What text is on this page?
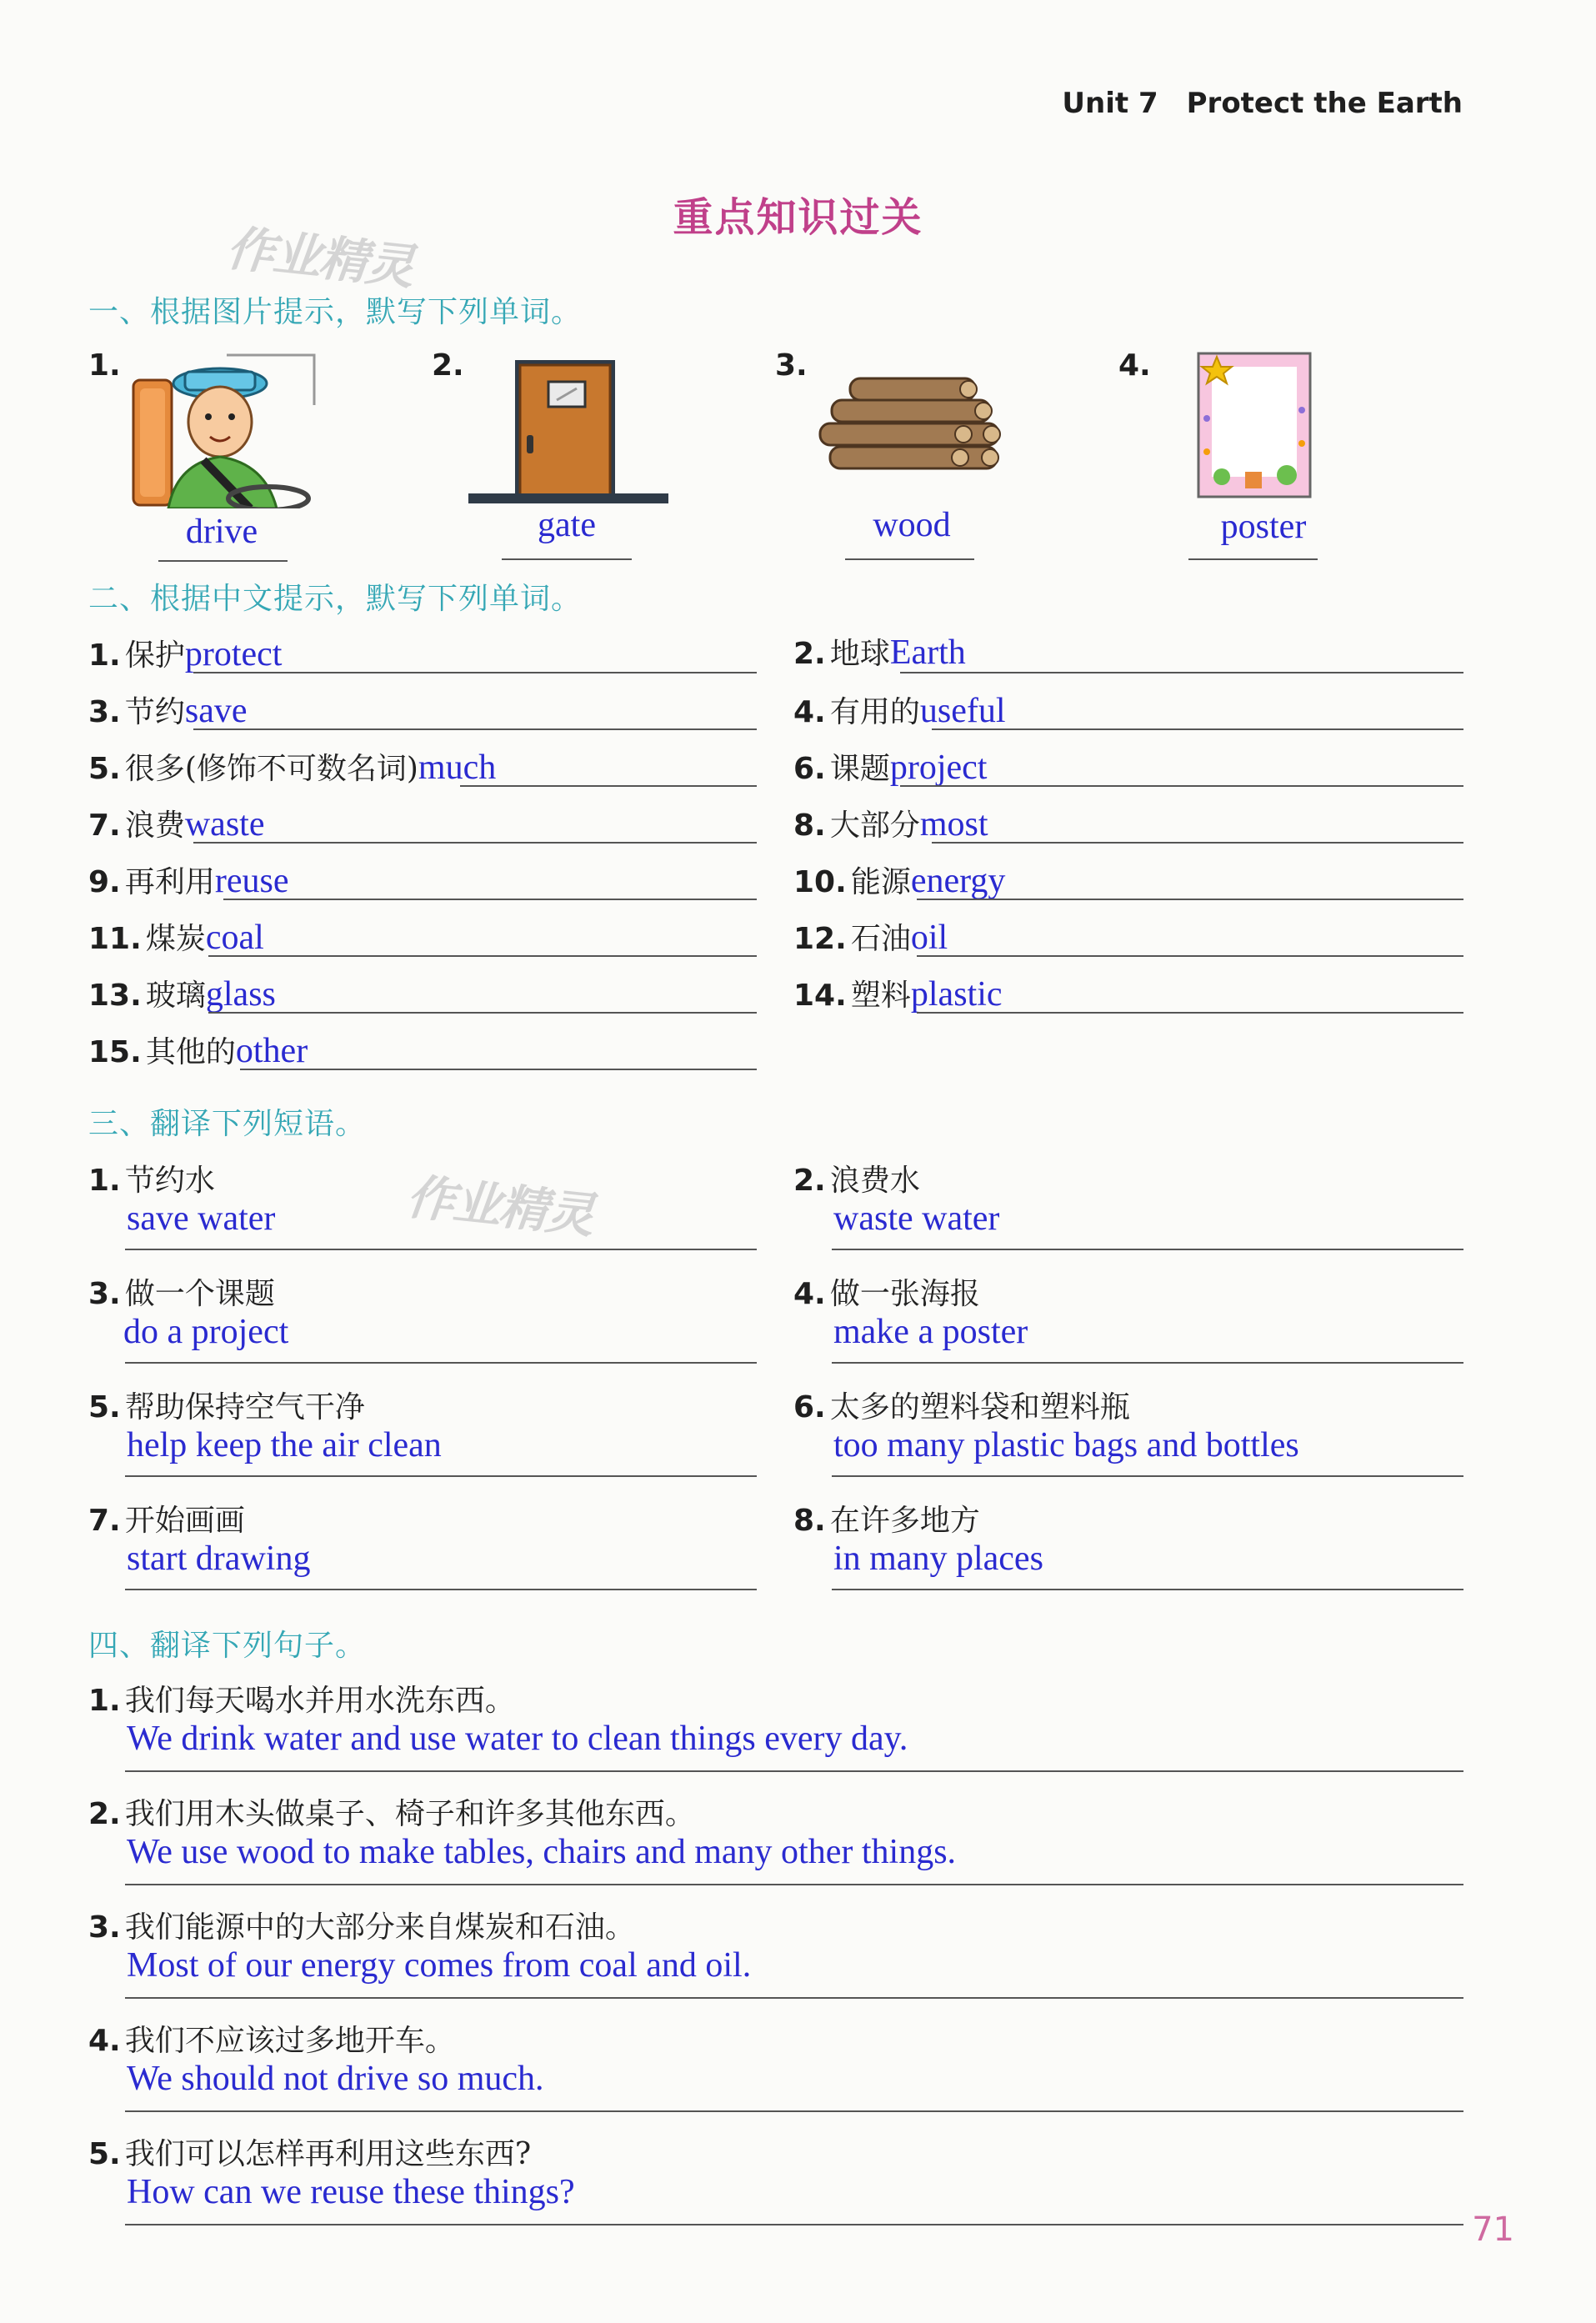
Unit 7　Protect the Earth
重点知识过关
作业精灵
作业精灵
一、根据图片提示，默写下列单词。
1.
drive
2.
gate
3.
wood
4.
poster
二、根据中文提示，默写下列单词。
1. 保护protect	2. 地球Earth
3. 节约save	4. 有用的useful
5. 很多(修饰不可数名词)much	6. 课题project
7. 浪费waste	8. 大部分most
9. 再利用reuse	10. 能源energy
11. 煤炭coal	12. 石油oil
13. 玻璃glass	14. 塑料plastic
15. 其他的other
三、翻译下列短语。
1. 节约水
save water
2. 浪费水
waste water
3. 做一个课题
do a project
4. 做一张海报
make a poster
5. 帮助保持空气干净
help keep the air clean
6. 太多的塑料袋和塑料瓶
too many plastic bags and bottles
7. 开始画画
start drawing
8. 在许多地方
in many places
四、翻译下列句子。
1. 我们每天喝水并用水洗东西。
We drink water and use water to clean things every day.
2. 我们用木头做桌子、椅子和许多其他东西。
We use wood to make tables, chairs and many other things.
3. 我们能源中的大部分来自煤炭和石油。
Most of our energy comes from coal and oil.
4. 我们不应该过多地开车。
We should not drive so much.
5. 我们可以怎样再利用这些东西?
How can we reuse these things?
71
